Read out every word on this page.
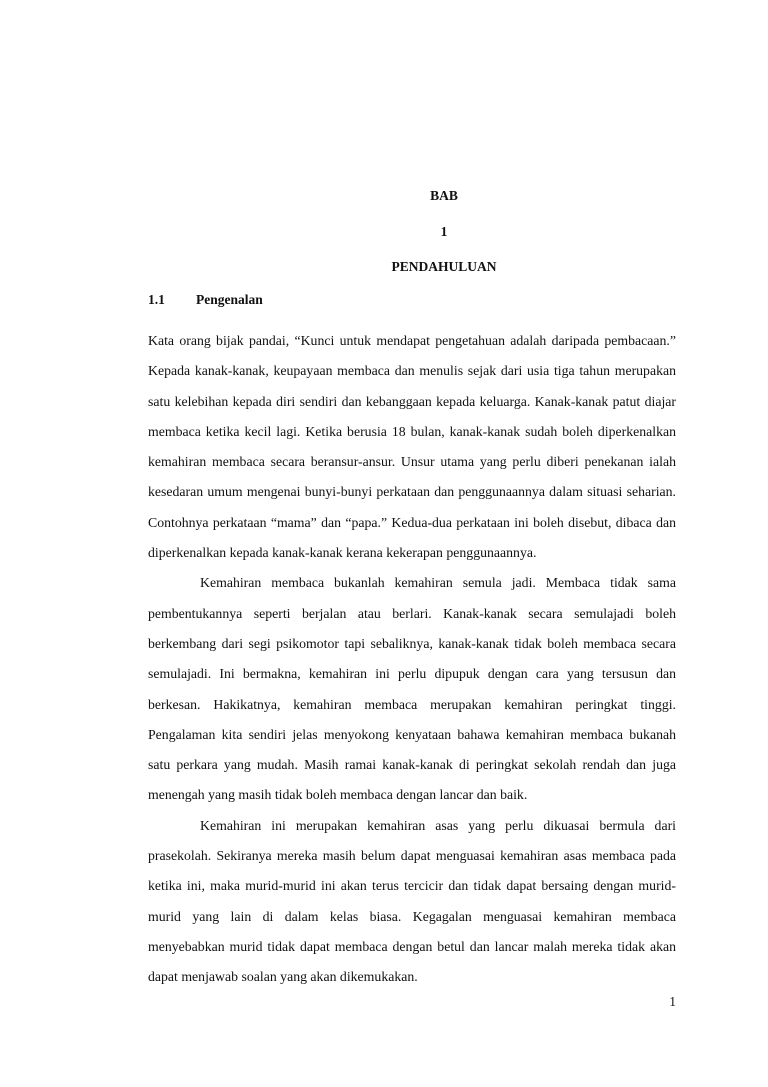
BAB
1
PENDAHULUAN
1.1	Pengenalan

Kata orang bijak pandai, “Kunci untuk mendapat pengetahuan adalah daripada pembacaan.” Kepada kanak-kanak, keupayaan membaca dan menulis sejak dari usia tiga tahun merupakan satu kelebihan kepada diri sendiri dan kebanggaan kepada keluarga. Kanak-kanak patut diajar membaca ketika kecil lagi. Ketika berusia 18 bulan, kanak-kanak sudah boleh diperkenalkan kemahiran membaca secara beransur-ansur. Unsur utama yang perlu diberi penekanan ialah kesedaran umum mengenai bunyi-bunyi perkataan dan penggunaannya dalam situasi seharian. Contohnya perkataan “mama” dan “papa.” Kedua-dua perkataan ini boleh disebut, dibaca dan diperkenalkan kepada kanak-kanak kerana kekerapan penggunaannya.

Kemahiran membaca bukanlah kemahiran semula jadi. Membaca tidak sama pembentukannya seperti berjalan atau berlari. Kanak-kanak secara semulajadi boleh berkembang dari segi psikomotor tapi sebaliknya, kanak-kanak tidak boleh membaca secara semulajadi. Ini bermakna, kemahiran ini perlu dipupuk dengan cara yang tersusun dan berkesan. Hakikatnya, kemahiran membaca merupakan kemahiran peringkat tinggi. Pengalaman kita sendiri jelas menyokong kenyataan bahawa kemahiran membaca bukanah satu perkara yang mudah. Masih ramai kanak-kanak di peringkat sekolah rendah dan juga menengah yang masih tidak boleh membaca dengan lancar dan baik.

Kemahiran ini merupakan kemahiran asas yang perlu dikuasai bermula dari prasekolah. Sekiranya mereka masih belum dapat menguasai kemahiran asas membaca pada ketika ini, maka murid-murid ini akan terus tercicir dan tidak dapat bersaing dengan murid-murid yang lain di dalam kelas biasa. Kegagalan menguasai kemahiran membaca menyebabkan murid tidak dapat membaca dengan betul dan lancar malah mereka tidak akan dapat menjawab soalan yang akan dikemukakan.

1
